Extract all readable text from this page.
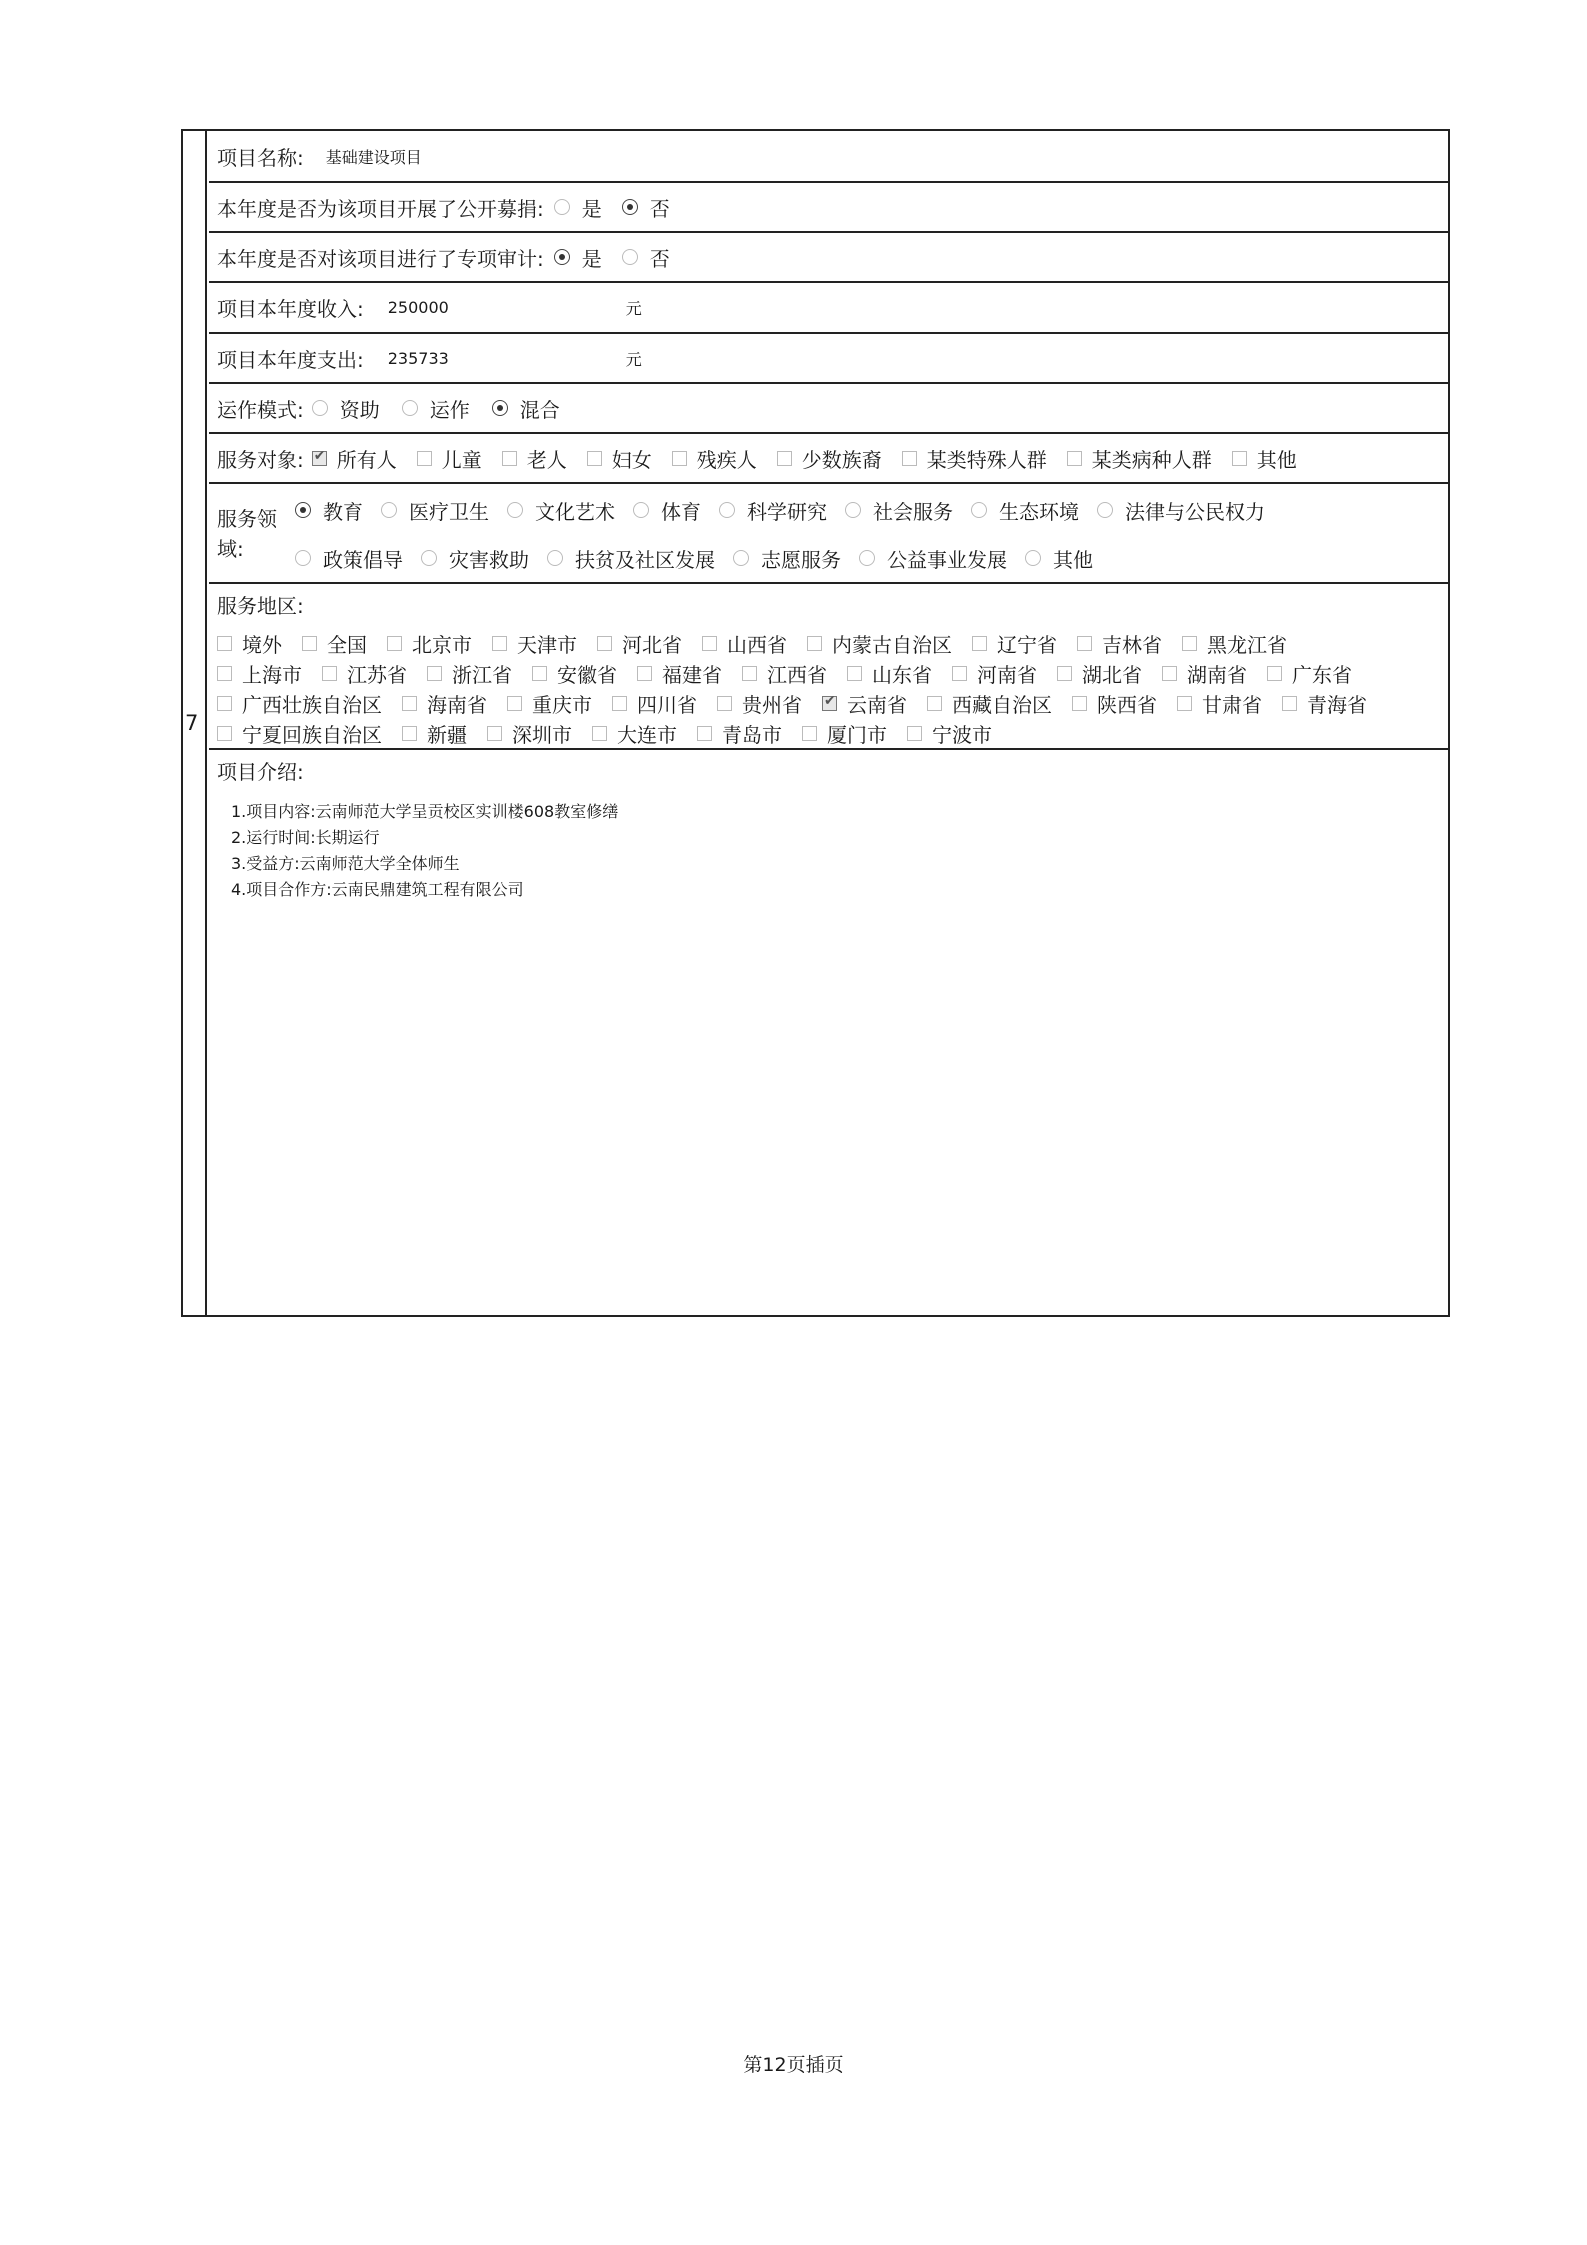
7
项目名称: 基础建设项目
本年度是否为该项目开展了公开募捐: 是 否
本年度是否对该项目进行了专项审计: 是 否
项目本年度收入: 250000	元
项目本年度支出: 235733	元
运作模式: 资助	运作	混合
服务对象: ✔ 所有人 儿童 老人 妇女 残疾人 少数族裔 某类特殊人群 某类病种人群 其他
服务领
域:
教育 医疗卫生 文化艺术 体育 科学研究 社会服务 生态环境 法律与公民权力
政策倡导 灾害救助 扶贫及社区发展 志愿服务 公益事业发展 其他
服务地区:
境外 全国 北京市 天津市 河北省 山西省 内蒙古自治区 辽宁省 吉林省 黑龙江省
上海市 江苏省 浙江省 安徽省 福建省 江西省 山东省 河南省 湖北省 湖南省 广东省
广西壮族自治区 海南省 重庆市 四川省 贵州省 ✔ 云南省 西藏自治区 陕西省 甘肃省 青海省
宁夏回族自治区 新疆 深圳市 大连市 青岛市 厦门市 宁波市
项目介绍:
1.项目内容:云南师范大学呈贡校区实训楼608教室修缮
2.运行时间:长期运行
3.受益方:云南师范大学全体师生
4.项目合作方:云南民鼎建筑工程有限公司
第12页插页
